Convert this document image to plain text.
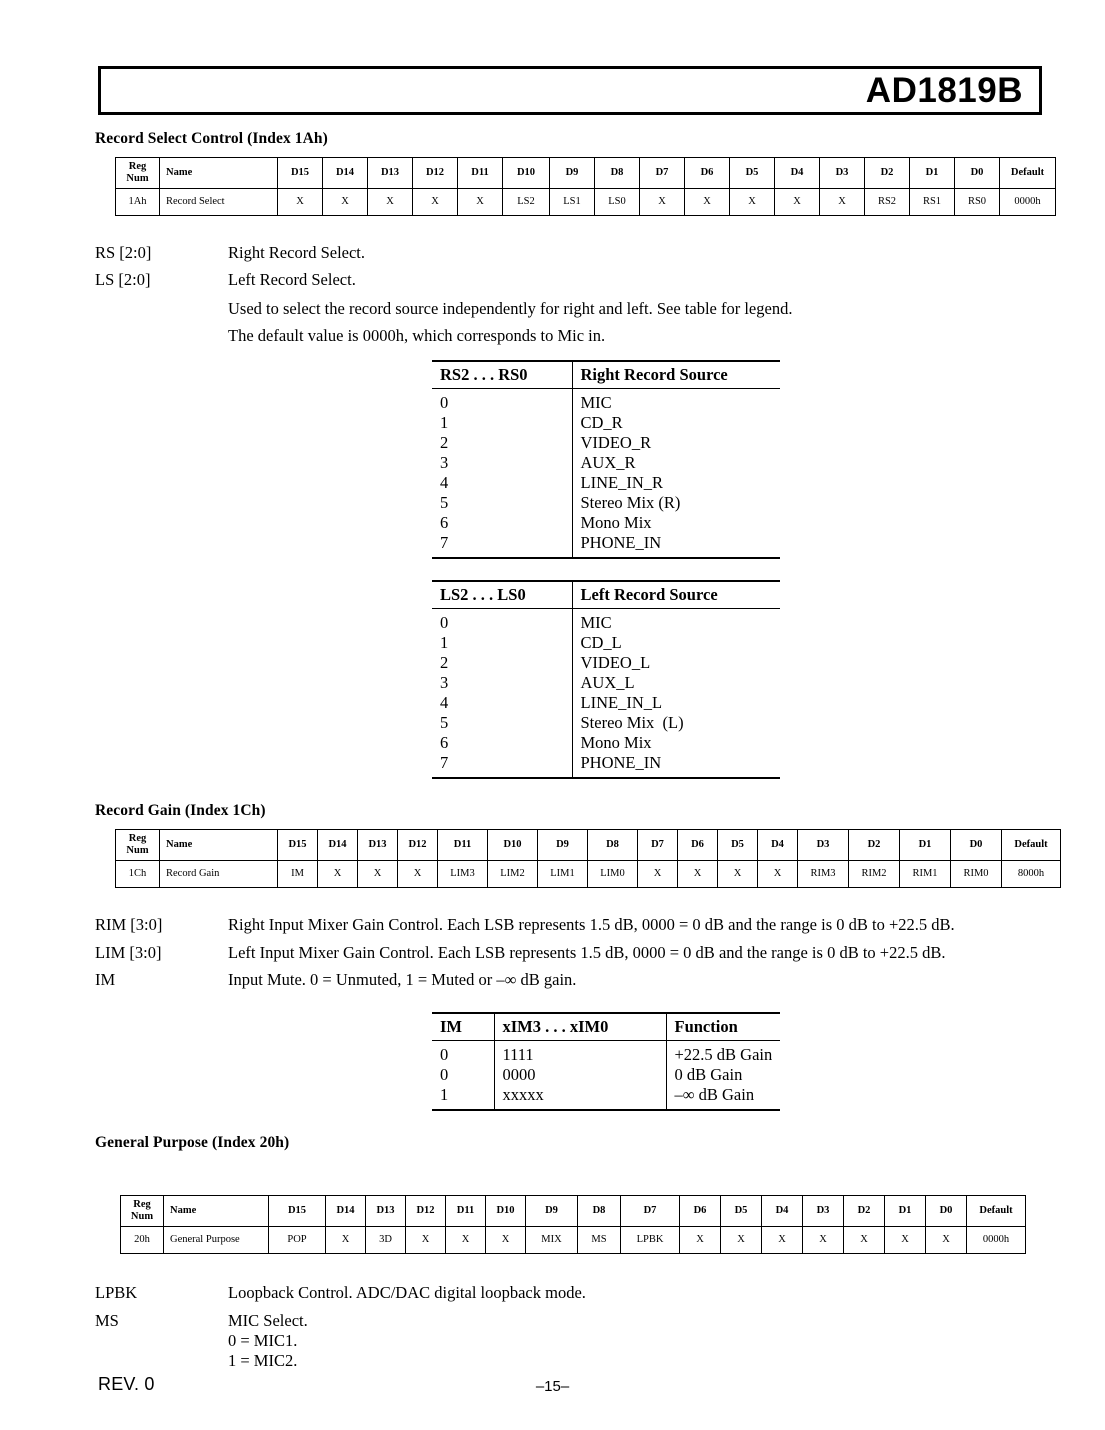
AD1819B
Record Select Control (Index 1Ah)
Reg
Num	Name	D15	D14	D13	D12	D11	D10	D9	D8	D7	D6	D5	D4	D3	D2	D1	D0	Default
1Ah	Record Select	X	X	X	X	X	LS2	LS1	LS0	X	X	X	X	X	RS2	RS1	RS0	0000h
RS [2:0]	Right Record Select.
LS [2:0]	Left Record Select.
Used to select the record source independently for right and left. See table for legend.
The default value is 0000h, which corresponds to Mic in.
RS2 . . . RS0	Right Record Source
0	MIC
1	CD_R
2	VIDEO_R
3	AUX_R
4	LINE_IN_R
5	Stereo Mix (R)
6	Mono Mix
7	PHONE_IN
LS2 . . . LS0	Left Record Source
0	MIC
1	CD_L
2	VIDEO_L
3	AUX_L
4	LINE_IN_L
5	Stereo Mix  (L)
6	Mono Mix
7	PHONE_IN
Record Gain (Index 1Ch)
Reg
Num	Name	D15	D14	D13	D12	D11	D10	D9	D8	D7	D6	D5	D4	D3	D2	D1	D0	Default
1Ch	Record Gain	IM	X	X	X	LIM3	LIM2	LIM1	LIM0	X	X	X	X	RIM3	RIM2	RIM1	RIM0	8000h
RIM [3:0]	Right Input Mixer Gain Control. Each LSB represents 1.5 dB, 0000 = 0 dB and the range is 0 dB to +22.5 dB.
LIM [3:0]	Left Input Mixer Gain Control. Each LSB represents 1.5 dB, 0000 = 0 dB and the range is 0 dB to +22.5 dB.
IM	Input Mute. 0 = Unmuted, 1 = Muted or –∞ dB gain.
IM	xIM3 . . . xIM0	Function
0	1111	+22.5 dB Gain
0	0000	0 dB Gain
1	xxxxx	–∞ dB Gain
General Purpose (Index 20h)
Reg
Num	Name	D15	D14	D13	D12	D11	D10	D9	D8	D7	D6	D5	D4	D3	D2	D1	D0	Default
20h	General Purpose	POP	X	3D	X	X	X	MIX	MS	LPBK	X	X	X	X	X	X	X	0000h
LPBK	Loopback Control. ADC/DAC digital loopback mode.
MS	MIC Select.
0 = MIC1.
1 = MIC2.
REV. 0	–15–
